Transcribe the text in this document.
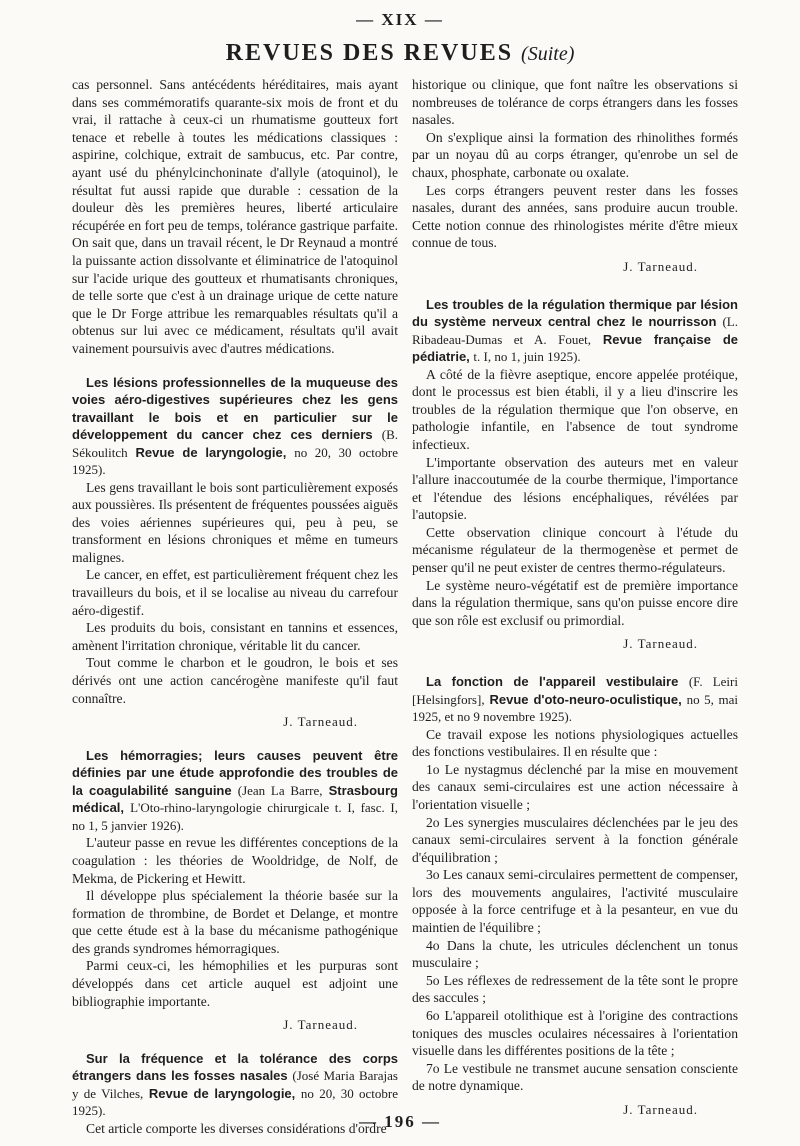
— XIX —
REVUES DES REVUES (Suite)

cas personnel. Sans antécédents héréditaires, mais ayant dans ses commémoratifs quarante-six mois de front et du vrai, il rattache à ceux-ci un rhumatisme goutteux fort tenace et rebelle à toutes les médications classiques : aspirine, colchique, extrait de sambucus, etc. Par contre, ayant usé du phénylcinchoninate d'allyle (atoquinol), le résultat fut aussi rapide que durable : cessation de la douleur dès les premières heures, liberté articulaire récupérée en fort peu de temps, tolérance gastrique parfaite. On sait que, dans un travail récent, le Dr Reynaud a montré la puissante action dissolvante et éliminatrice de l'atoquinol sur l'acide urique des goutteux et rhumatisants chroniques, de telle sorte que c'est à un drainage urique de cette nature que le Dr Forge attribue les remarquables résultats qu'il a obtenus sur lui avec ce médicament, résultats qu'il avait vainement poursuivis avec d'autres médications.

Les lésions professionnelles de la muqueuse des voies aéro-digestives supérieures chez les gens travaillant le bois et en particulier sur le développement du cancer chez ces derniers (B. Sékoulitch Revue de laryngologie, no 20, 30 octobre 1925).

Les gens travaillant le bois sont particulièrement exposés aux poussières. Ils présentent de fréquentes poussées aiguës des voies aériennes supérieures qui, peu à peu, se transforment en lésions chroniques et même en tumeurs malignes.

Le cancer, en effet, est particulièrement fréquent chez les travailleurs du bois, et il se localise au niveau du carrefour aéro-digestif.

Les produits du bois, consistant en tannins et essences, amènent l'irritation chronique, véritable lit du cancer.

Tout comme le charbon et le goudron, le bois et ses dérivés ont une action cancérogène manifeste qu'il faut connaître.

J. Tarneaud.

Les hémorragies; leurs causes peuvent être définies par une étude approfondie des troubles de la coagulabilité sanguine (Jean La Barre, Strasbourg médical, L'Oto-rhino-laryngologie chirurgicale t. I, fasc. I, no 1, 5 janvier 1926).

L'auteur passe en revue les différentes conceptions de la coagulation : les théories de Wooldridge, de Nolf, de Mekma, de Pickering et Hewitt.

Il développe plus spécialement la théorie basée sur la formation de thrombine, de Bordet et Delange, et montre que cette étude est à la base du mécanisme pathogénique des grands syndromes hémorragiques.

Parmi ceux-ci, les hémophilies et les purpuras sont développés dans cet article auquel est adjoint une bibliographie importante.

J. Tarneaud.

Sur la fréquence et la tolérance des corps étrangers dans les fosses nasales (José Maria Barajas y de Vilches, Revue de laryngologie, no 20, 30 octobre 1925).

Cet article comporte les diverses considérations d'ordre

historique ou clinique, que font naître les observations si nombreuses de tolérance de corps étrangers dans les fosses nasales.

On s'explique ainsi la formation des rhinolithes formés par un noyau dû au corps étranger, qu'enrobe un sel de chaux, phosphate, carbonate ou oxalate.

Les corps étrangers peuvent rester dans les fosses nasales, durant des années, sans produire aucun trouble. Cette notion connue des rhinologistes mérite d'être mieux connue de tous.

J. Tarneaud.

Les troubles de la régulation thermique par lésion du système nerveux central chez le nourrisson (L. Ribadeau-Dumas et A. Fouet, Revue française de pédiatrie, t. I, no 1, juin 1925).

A côté de la fièvre aseptique, encore appelée protéique, dont le processus est bien établi, il y a lieu d'inscrire les troubles de la régulation thermique que l'on observe, en pathologie infantile, en l'absence de tout syndrome infectieux.

L'importante observation des auteurs met en valeur l'allure inaccoutumée de la courbe thermique, l'importance et l'étendue des lésions encéphaliques, révélées par l'autopsie.

Cette observation clinique concourt à l'étude du mécanisme régulateur de la thermogenèse et permet de penser qu'il ne peut exister de centres thermo-régulateurs.

Le système neuro-végétatif est de première importance dans la régulation thermique, sans qu'on puisse encore dire que son rôle est exclusif ou primordial.

J. Tarneaud.

La fonction de l'appareil vestibulaire (F. Leiri [Helsingfors], Revue d'oto-neuro-oculistique, no 5, mai 1925, et no 9 novembre 1925).

Ce travail expose les notions physiologiques actuelles des fonctions vestibulaires. Il en résulte que :

1o Le nystagmus déclenché par la mise en mouvement des canaux semi-circulaires est une action nécessaire à l'orientation visuelle ;

2o Les synergies musculaires déclenchées par le jeu des canaux semi-circulaires servent à la fonction générale d'équilibration ;

3o Les canaux semi-circulaires permettent de compenser, lors des mouvements angulaires, l'activité musculaire opposée à la force centrifuge et à la pesanteur, en vue du maintien de l'équilibre ;

4o Dans la chute, les utricules déclenchent un tonus musculaire ;

5o Les réflexes de redressement de la tête sont le propre des saccules ;

6o L'appareil otolithique est à l'origine des contractions toniques des muscles oculaires nécessaires à l'orientation visuelle dans les différentes positions de la tête ;

7o Le vestibule ne transmet aucune sensation consciente de notre dynamique.

J. Tarneaud.
— 196 —
